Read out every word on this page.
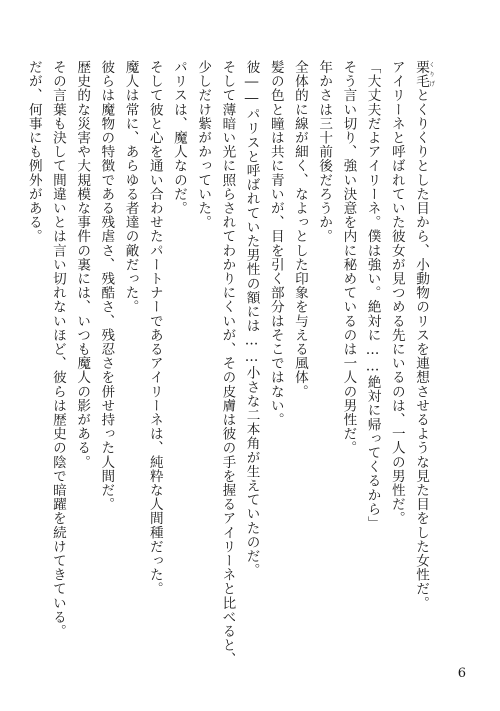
栗毛くりげとくりくりとした目から、小動物のリスを連想させるような見た目をした女性だ。
アイリーネと呼ばれていた彼女が見つめる先にいるのは、一人の男性だ。
「大丈夫だよアイリーネ。僕は強い。絶対に……絶対に帰ってくるから」
そう言い切り、強い決意を内に秘めているのは一人の男性だ。
年かさは三十前後だろうか。
全体的に線が細く、なよっとした印象を与える風体。
髪の色と瞳は共に青いが、目を引く部分はそこではない。
彼――パリスと呼ばれていた男性の額には……小さな二本角が生えていたのだ。
そして薄暗い光に照らされてわかりにくいが、その皮膚は彼の手を握るアイリーネと比べると、
少しだけ紫がかっていた。
パリスは、魔人なのだ。
そして彼と心を通い合わせたパートナーであるアイリーネは、純粋な人間種だった。
魔人は常に、あらゆる者達の敵だった。
彼らは魔物の特徴である残虐さ、残酷さ、残忍さを併せ持った人間だ。
歴史的な災害や大規模な事件の裏には、いつも魔人の影がある。
その言葉も決して間違いとは言い切れないほど、彼らは歴史の陰で暗躍を続けてきている。
だが、何事にも例外がある。
6
